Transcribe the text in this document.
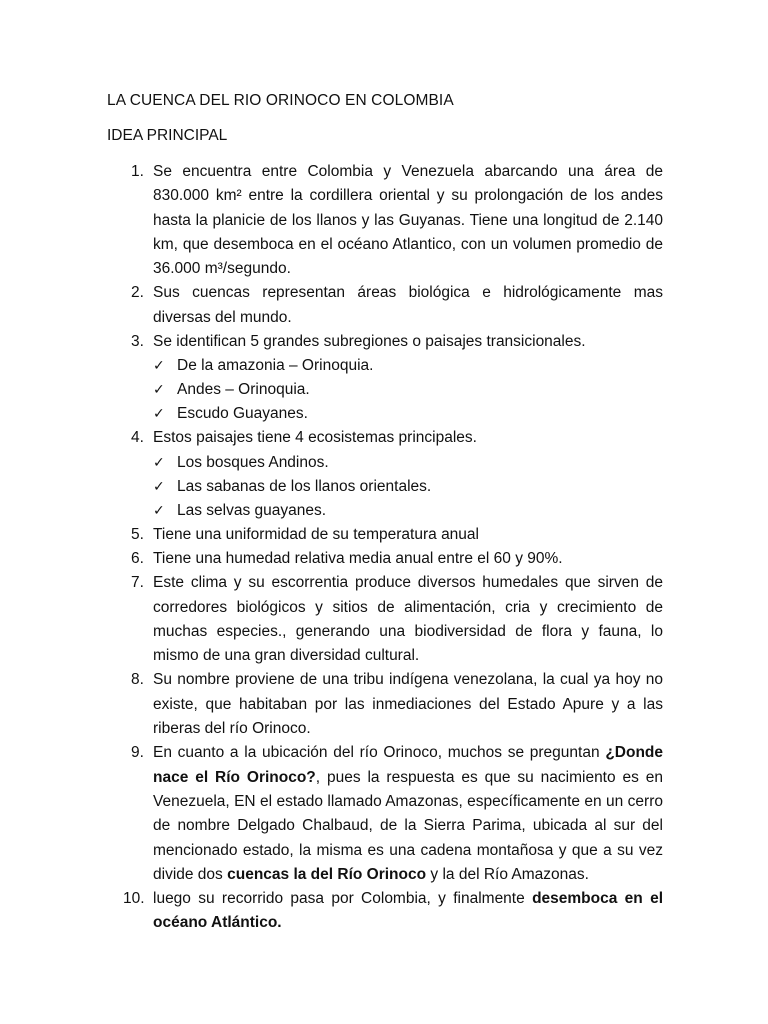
LA CUENCA DEL RIO ORINOCO EN COLOMBIA
IDEA PRINCIPAL
1. Se encuentra entre Colombia y Venezuela abarcando una área de 830.000 km² entre la cordillera oriental y su prolongación de los andes hasta la planicie de los llanos y las Guyanas. Tiene una longitud de 2.140 km, que desemboca en el océano Atlantico, con un volumen promedio de 36.000 m³/segundo.
2. Sus cuencas representan áreas biológica e hidrológicamente mas diversas del mundo.
3. Se identifican 5 grandes subregiones o paisajes transicionales.
✓ De la amazonia – Orinoquia.
✓ Andes – Orinoquia.
✓ Escudo Guayanes.
4. Estos paisajes tiene 4 ecosistemas principales.
✓ Los bosques Andinos.
✓ Las sabanas de los llanos orientales.
✓ Las selvas guayanes.
5. Tiene una uniformidad de su temperatura anual
6. Tiene una humedad relativa media anual entre el 60 y 90%.
7. Este clima y su escorrentia produce diversos humedales que sirven de corredores biológicos y sitios de alimentación, cria y crecimiento de muchas especies., generando una biodiversidad de flora y fauna, lo mismo de una gran diversidad cultural.
8. Su nombre proviene de una tribu indígena venezolana, la cual ya hoy no existe, que habitaban por las inmediaciones del Estado Apure y a las riberas del río Orinoco.
9. En cuanto a la ubicación del río Orinoco, muchos se preguntan ¿Donde nace el Río Orinoco?, pues la respuesta es que su nacimiento es en Venezuela, EN el estado llamado Amazonas, específicamente en un cerro de nombre Delgado Chalbaud, de la Sierra Parima, ubicada al sur del mencionado estado, la misma es una cadena montañosa y que a su vez divide dos cuencas la del Río Orinoco y la del Río Amazonas.
10. luego su recorrido pasa por Colombia, y finalmente desemboca en el océano Atlántico.
